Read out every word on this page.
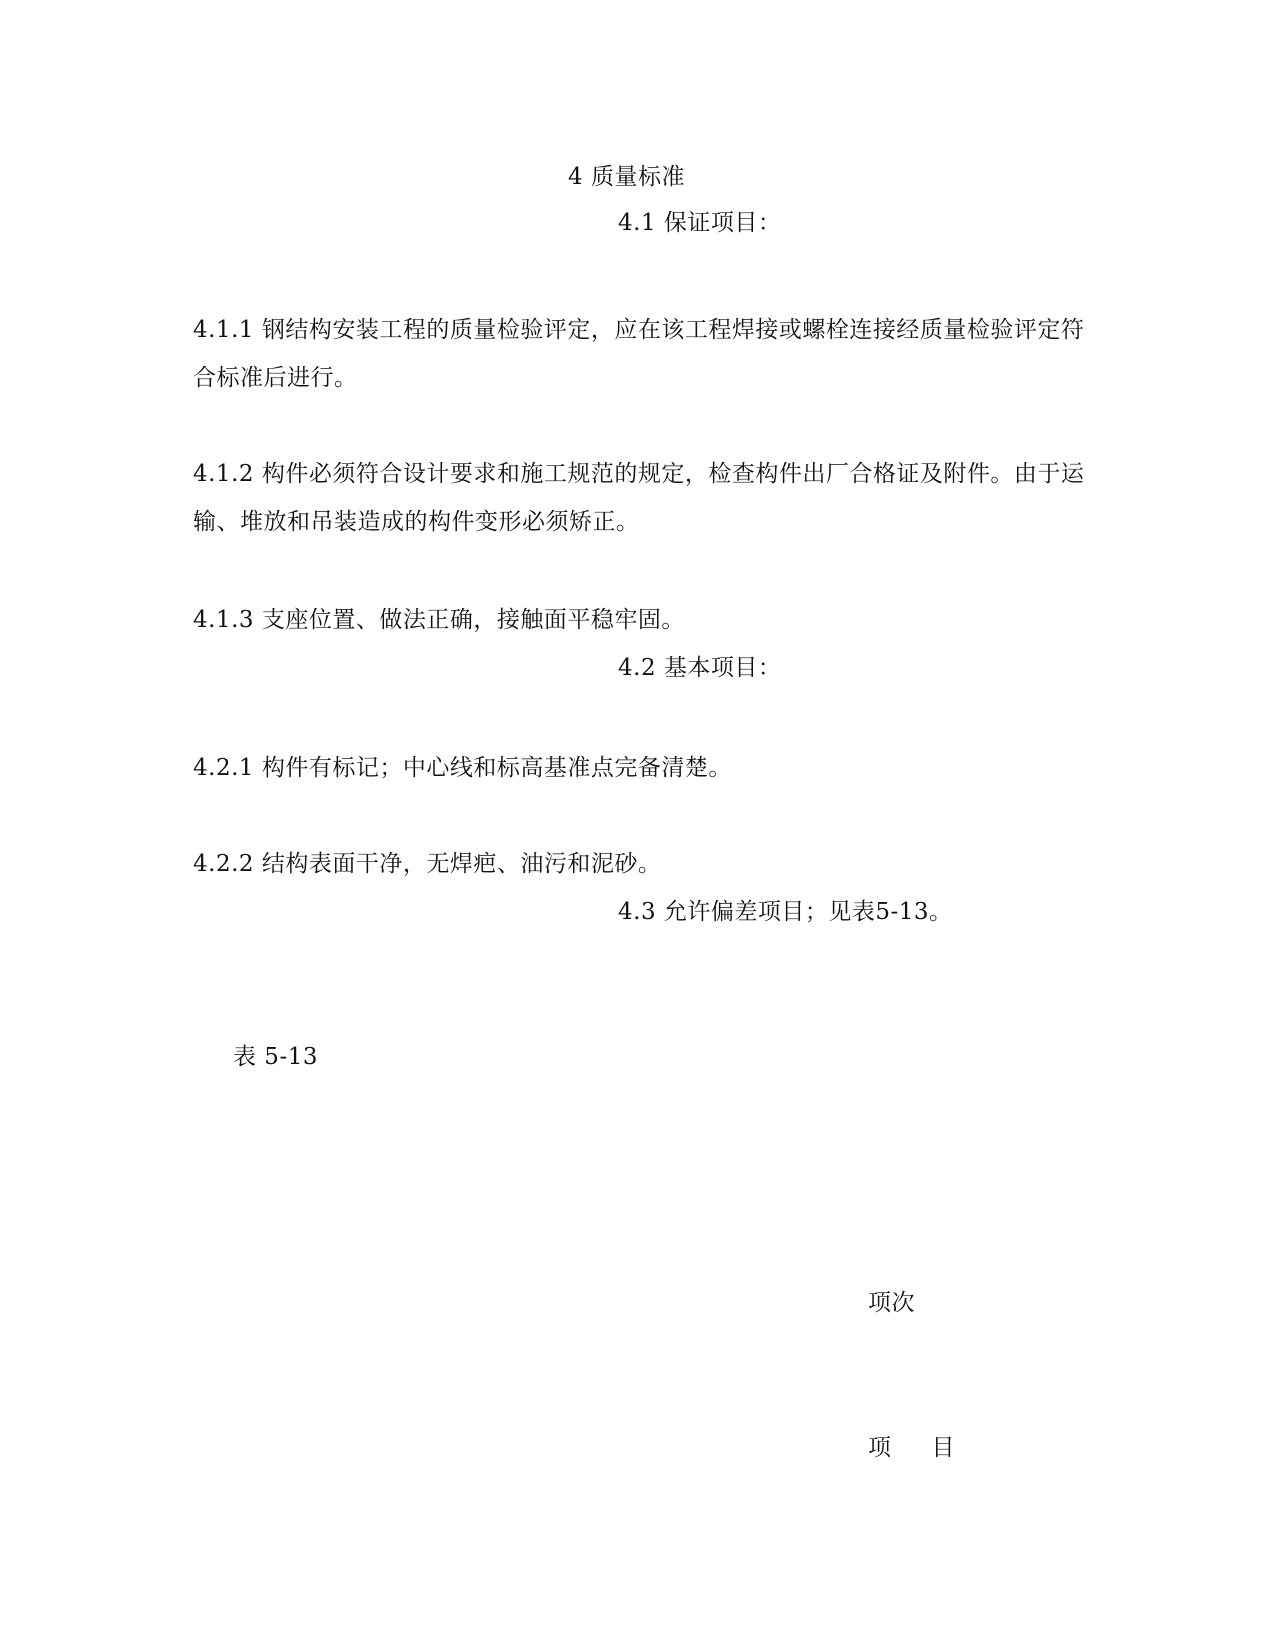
4 质量标准
4.1 保证项目：
4.1.1 钢结构安装工程的质量检验评定，应在该工程焊接或螺栓连接经质量检验评定符合标准后进行。
4.1.2 构件必须符合设计要求和施工规范的规定，检查构件出厂合格证及附件。由于运输、堆放和吊装造成的构件变形必须矫正。
4.1.3 支座位置、做法正确，接触面平稳牢固。
4.2 基本项目：
4.2.1 构件有标记；中心线和标高基准点完备清楚。
4.2.2 结构表面干净，无焊疤、油污和泥砂。
4.3 允许偏差项目；见表5-13。
表 5-13
项次
项 目
